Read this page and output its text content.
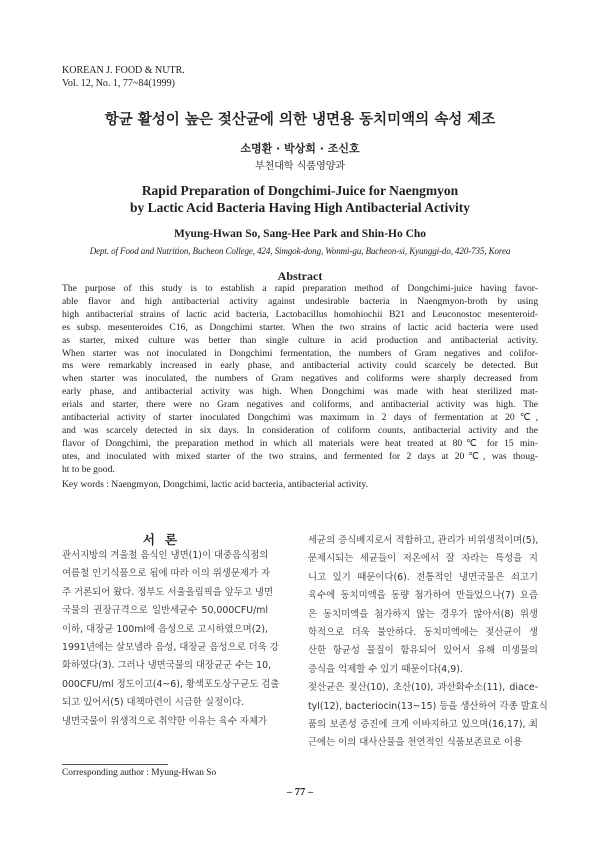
KOREAN J. FOOD & NUTR.
Vol. 12, No. 1, 77~84(1999)
항균 활성이 높은 젖산균에 의한 냉면용 동치미액의 속성 제조
소명환 · 박상희 · 조신호
부천대학 식품영양과
Rapid Preparation of Dongchimi-Juice for Naengmyon
by Lactic Acid Bacteria Having High Antibacterial Activity
Myung-Hwan So, Sang-Hee Park and Shin-Ho Cho
Dept. of Food and Nutrition, Bucheon College, 424, Simgok-dong, Wonmi-gu, Bucheon-si, Kyunggi-do, 420-735, Korea
Abstract
The purpose of this study is to establish a rapid preparation method of Dongchimi-juice having favor-
able flavor and high antibacterial activity against undesirable bacteria in Naengmyon-broth by using
high antibacterial strains of lactic acid bacteria, Lactobacillus homohiochii B21 and Leuconostoc mesenteroid-
es subsp. mesenteroides C16, as Dongchimi starter. When the two strains of lactic acid bacteria were used
as starter, mixed culture was better than single culture in acid production and antibacterial activity.
When starter was not inoculated in Dongchimi fermentation, the numbers of Gram negatives and colifor-
ms were remarkably increased in early phase, and antibacterial activity could scarcely be detected. But
when starter was inoculated, the numbers of Gram negatives and coliforms were sharply decreased from
early phase, and antibacterial activity was high. When Dongchimi was made with heat sterilized mat-
erials and starter, there were no Gram negatives and coliforms, and antibacterial activity was high. The
antibacterial activity of starter inoculated Dongchimi was maximum in 2 days of fermentation at 20℃,
and was scarcely detected in six days. In consideration of coliform counts, antibacterial activity and the
flavor of Dongchimi, the preparation method in which all materials were heat treated at 80℃ for 15 min-
utes, and inoculated with mixed starter of the two strains, and fermented for 2 days at 20℃, was thoug-
ht to be good.
Key words : Naengmyon, Dongchimi, lactic acid bacteria, antibacterial activity.
서론
관서지방의 겨울철 음식인 냉면(1)이 대중음식점의
여름철 인기식품으로 됨에 따라 이의 위생문제가 자
주 거론되어 왔다. 정부도 서울올림픽을 앞두고 냉면
국물의 권장규격으로 일반세균수 50,000CFU/ml
이하, 대장균 100ml에 음성으로 고시하였으며(2),
1991년에는 살모넬라 음성, 대장균 음성으로 더욱 강
화하였다(3). 그러나 냉면국물의 대장균군 수는 10,
000CFU/ml 정도이고(4~6), 황색포도상구균도 검출
되고 있어서(5) 대책마련이 시급한 실정이다.
냉면국물이 위생적으로 취약한 이유는 육수 자체가
세균의 증식배지로서 적합하고, 관리가 비위생적이며(5),
문제시되는 세균들이 저온에서 잘 자라는 특성을 지
니고 있기 때문이다(6). 전통적인 냉면국물은 쇠고기
육수에 동치미액을 동량 첨가하여 만들었으나(7) 요즘
은 동치미액을 첨가하지 않는 경우가 많아서(8) 위생
학적으로 더욱 불안하다. 동치미액에는 젖산균이 생
산한 항균성 물질이 함유되어 있어서 유해 미생물의
증식을 억제할 수 있기 때문이다(4,9).
젖산균은 젖산(10), 초산(10), 과산화수소(11), diace-
tyl(12), bacteriocin(13~15) 등을 생산하여 각종 발효식
품의 보존성 증진에 크게 이바지하고 있으며(16,17), 최
근에는 이의 대사산물을 천연적인 식품보존료로 이용
Corresponding author : Myung-Hwan So
– 77 –
